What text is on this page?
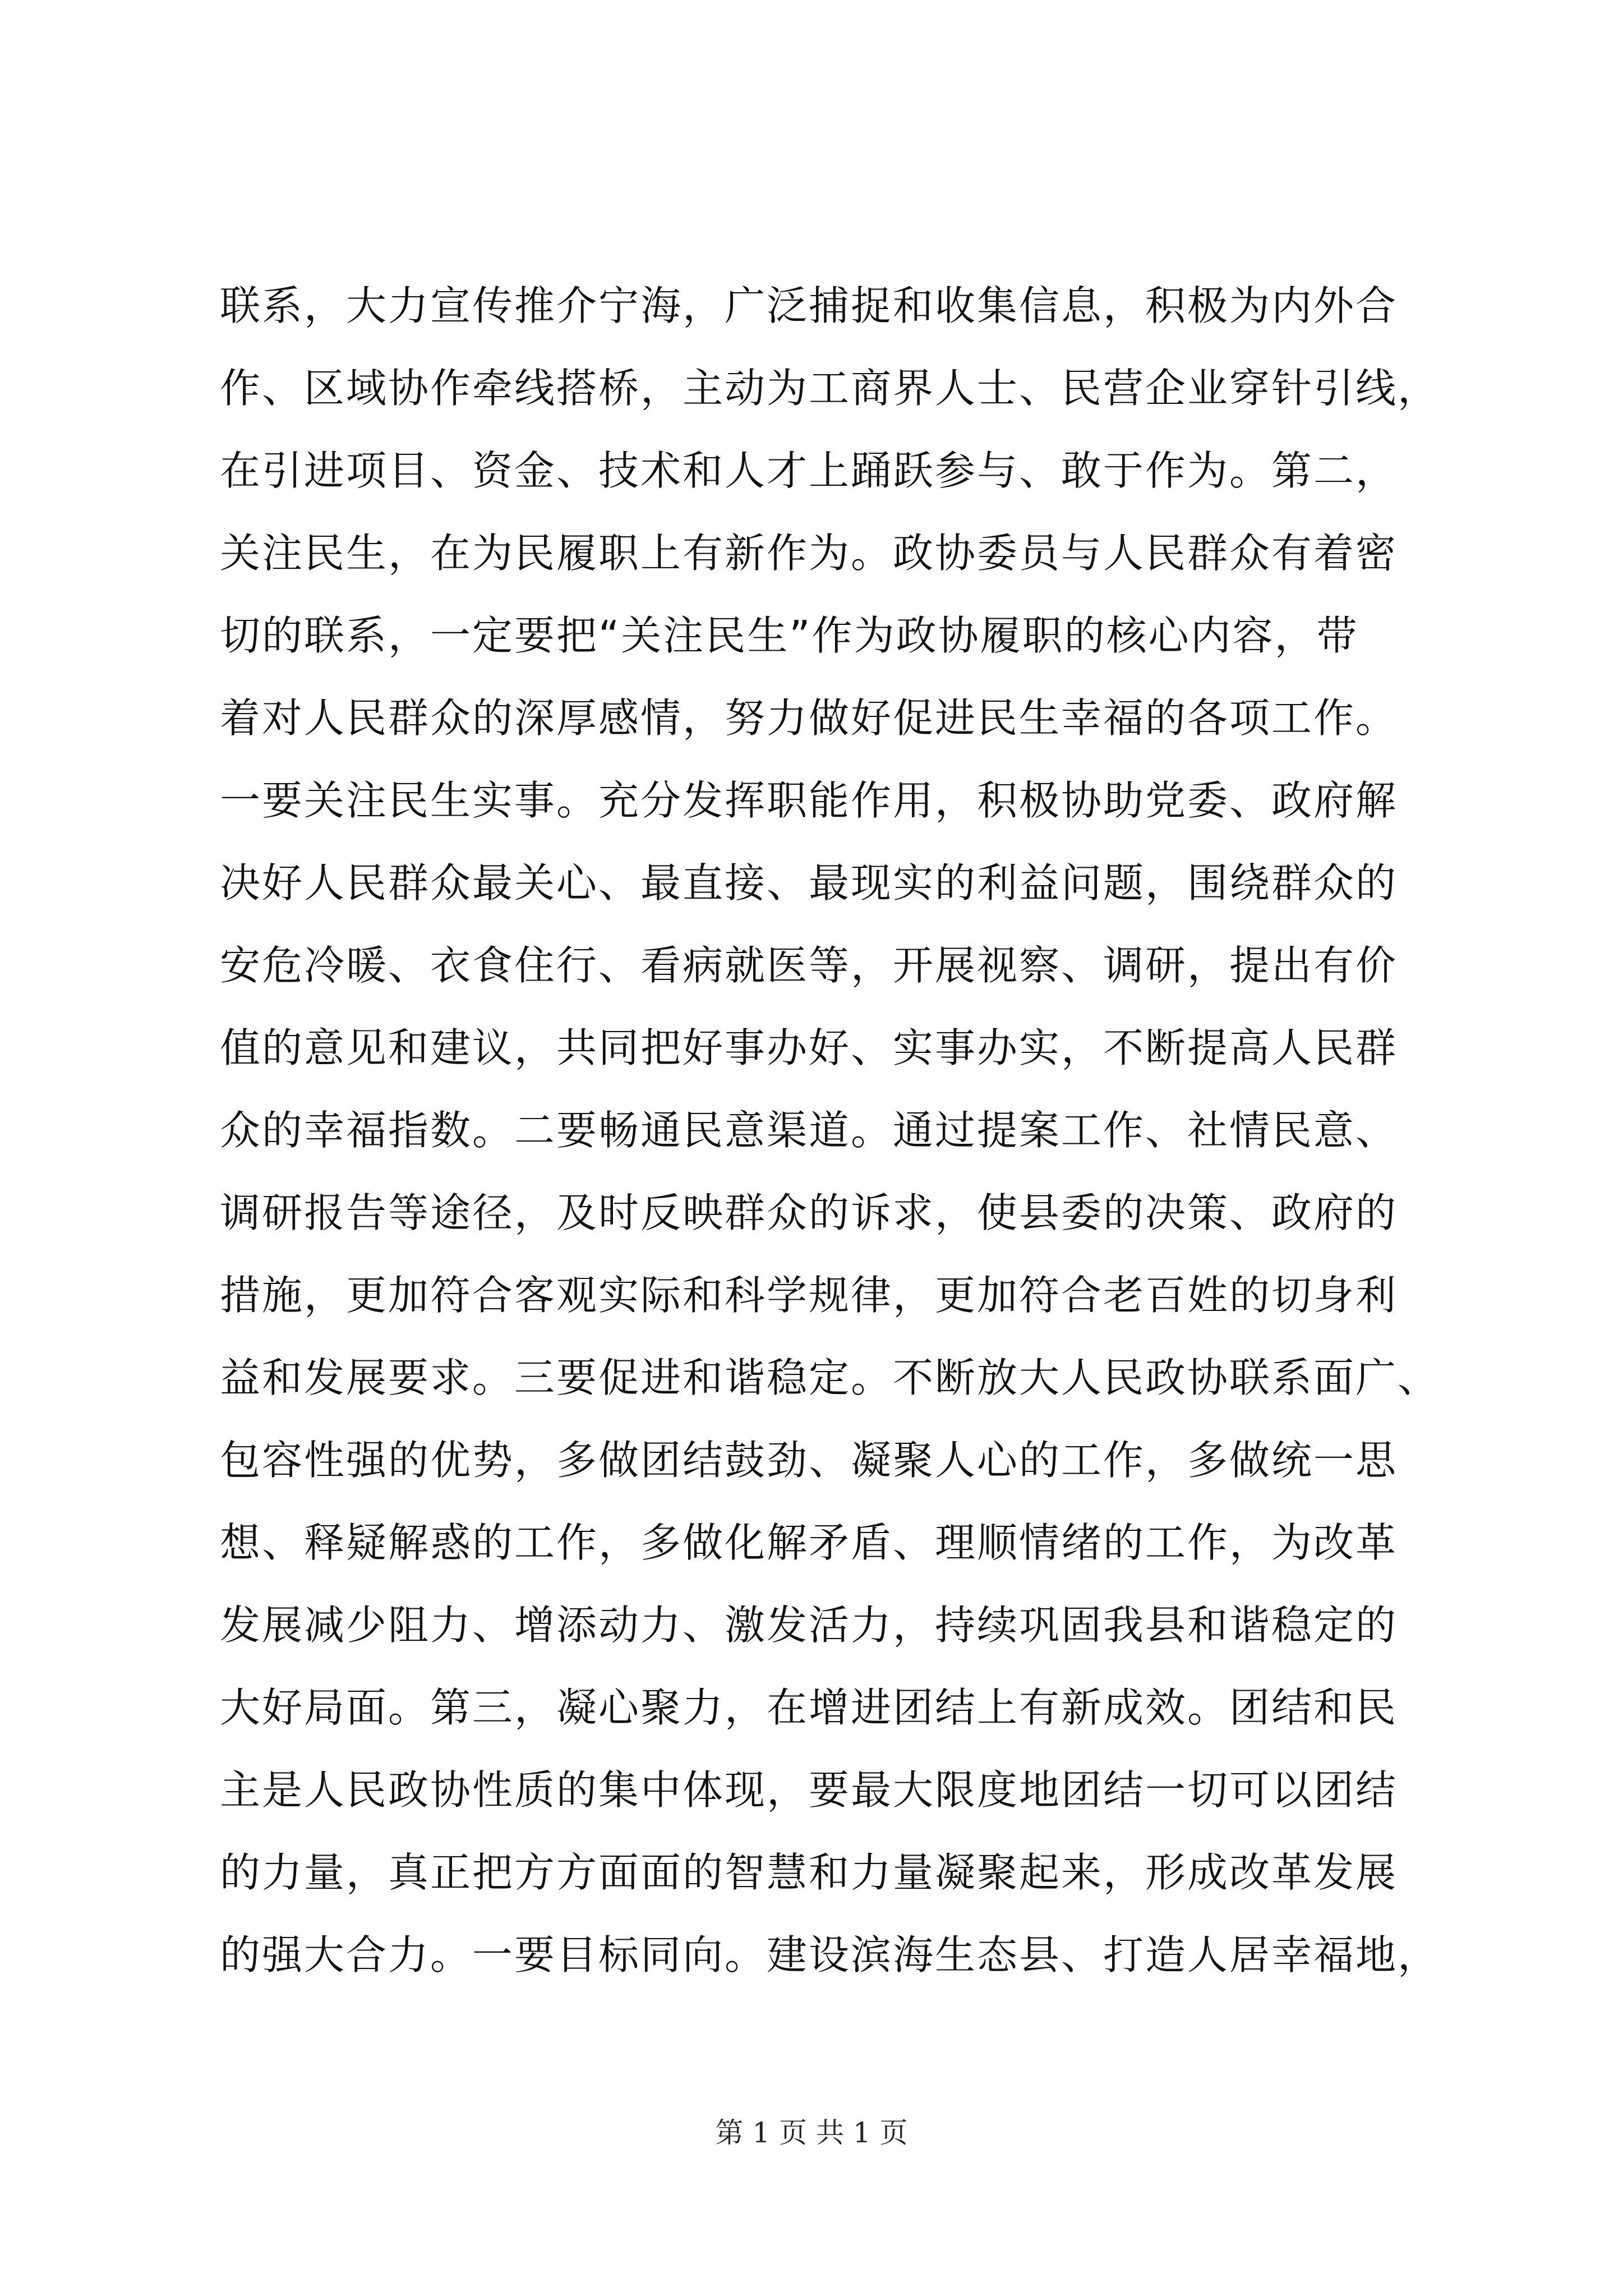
联系，大力宣传推介宁海，广泛捕捉和收集信息，积极为内外合
作、区域协作牵线搭桥，主动为工商界人士、民营企业穿针引线，
在引进项目、资金、技术和人才上踊跃参与、敢于作为。第二，
关注民生，在为民履职上有新作为。政协委员与人民群众有着密
切的联系，一定要把“关注民生”作为政协履职的核心内容，带
着对人民群众的深厚感情，努力做好促进民生幸福的各项工作。
一要关注民生实事。充分发挥职能作用，积极协助党委、政府解
决好人民群众最关心、最直接、最现实的利益问题，围绕群众的
安危冷暖、衣食住行、看病就医等，开展视察、调研，提出有价
值的意见和建议，共同把好事办好、实事办实，不断提高人民群
众的幸福指数。二要畅通民意渠道。通过提案工作、社情民意、
调研报告等途径，及时反映群众的诉求，使县委的决策、政府的
措施，更加符合客观实际和科学规律，更加符合老百姓的切身利
益和发展要求。三要促进和谐稳定。不断放大人民政协联系面广、
包容性强的优势，多做团结鼓劲、凝聚人心的工作，多做统一思
想、释疑解惑的工作，多做化解矛盾、理顺情绪的工作，为改革
发展减少阻力、增添动力、激发活力，持续巩固我县和谐稳定的
大好局面。第三，凝心聚力，在增进团结上有新成效。团结和民
主是人民政协性质的集中体现，要最大限度地团结一切可以团结
的力量，真正把方方面面的智慧和力量凝聚起来，形成改革发展
的强大合力。一要目标同向。建设滨海生态县、打造人居幸福地，
第 1 页 共 1 页
